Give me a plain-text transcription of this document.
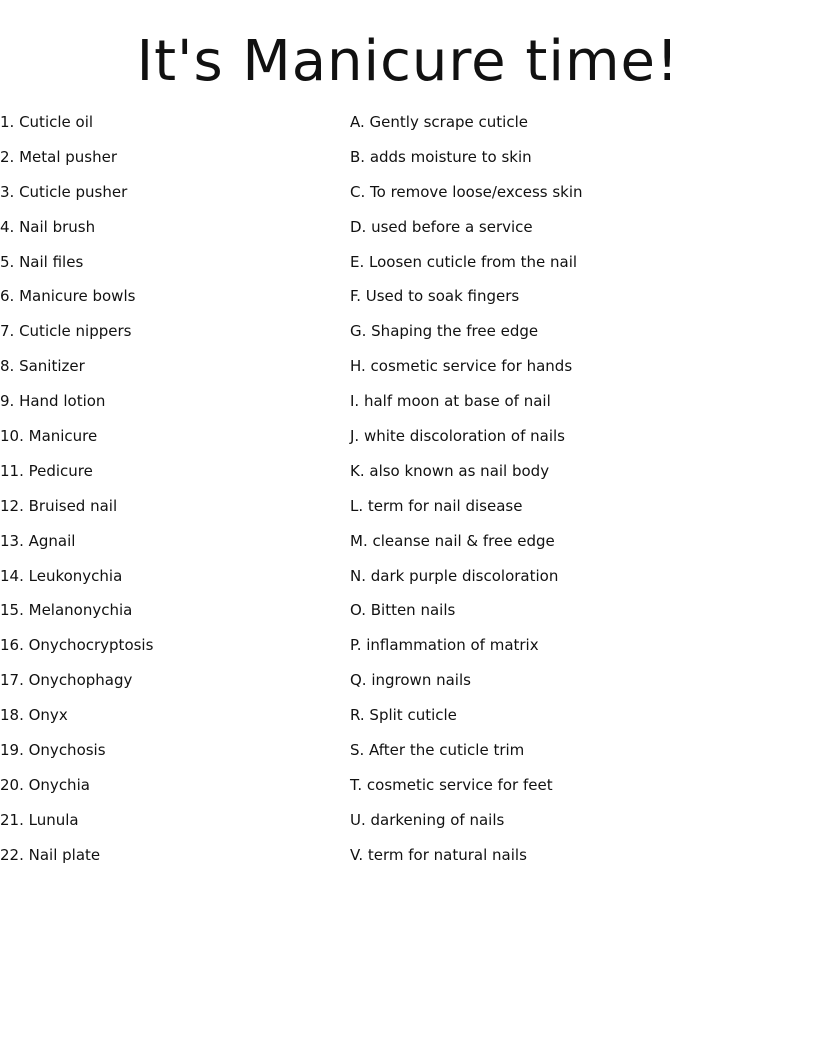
It's Manicure time!
1. Cuticle oil
2. Metal pusher
3. Cuticle pusher
4. Nail brush
5. Nail files
6. Manicure bowls
7. Cuticle nippers
8. Sanitizer
9. Hand lotion
10. Manicure
11. Pedicure
12. Bruised nail
13. Agnail
14. Leukonychia
15. Melanonychia
16. Onychocryptosis
17. Onychophagy
18. Onyx
19. Onychosis
20. Onychia
21. Lunula
22. Nail plate
A. Gently scrape cuticle
B. adds moisture to skin
C. To remove loose/excess skin
D. used before a service
E. Loosen cuticle from the nail
F. Used to soak fingers
G. Shaping the free edge
H. cosmetic service for hands
I. half moon at base of nail
J. white discoloration of nails
K. also known as nail body
L. term for nail disease
M. cleanse nail & free edge
N. dark purple discoloration
O. Bitten nails
P. inflammation of matrix
Q. ingrown nails
R. Split cuticle
S. After the cuticle trim
T. cosmetic service for feet
U. darkening of nails
V. term for natural nails
